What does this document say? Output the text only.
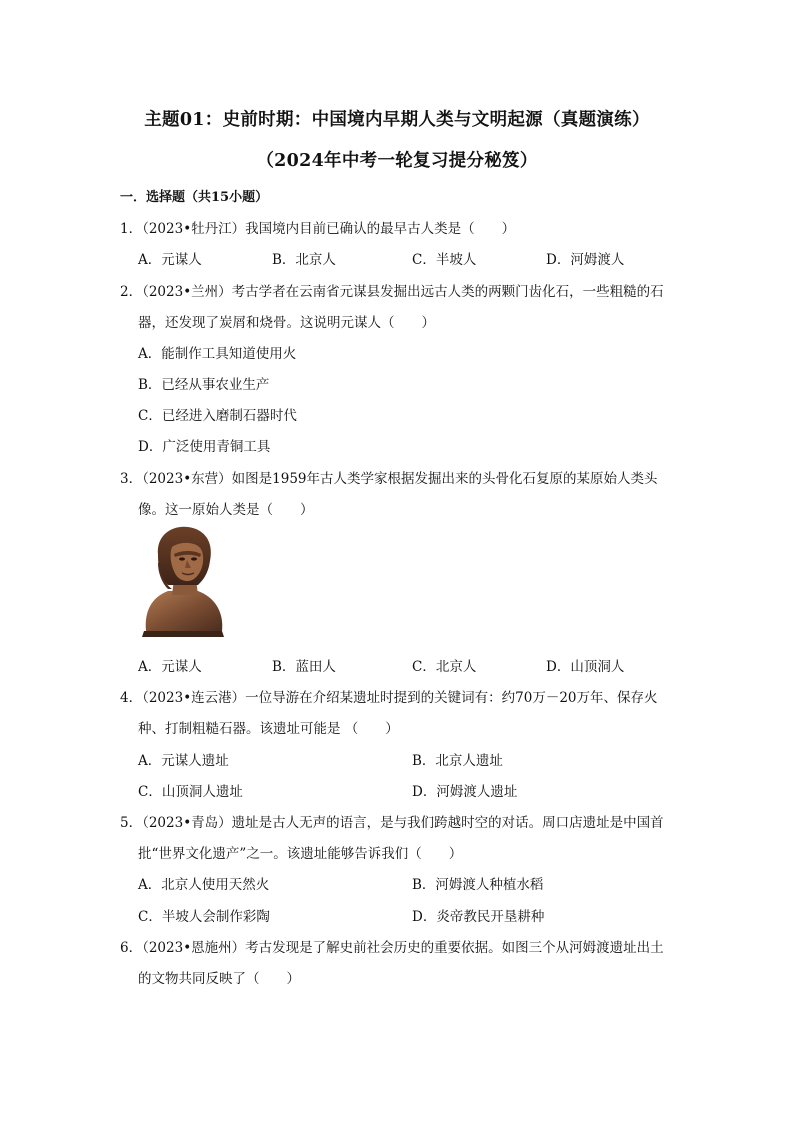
主题01：史前时期：中国境内早期人类与文明起源（真题演练）
（2024年中考一轮复习提分秘笈）
一．选择题（共15小题）
1．（2023•牡丹江）我国境内目前已确认的最早古人类是（　　）
A．元谋人	B．北京人	C．半坡人	D．河姆渡人
2．（2023•兰州）考古学者在云南省元谋县发掘出远古人类的两颗门齿化石，一些粗糙的石
器，还发现了炭屑和烧骨。这说明元谋人（　　）
A．能制作工具知道使用火
B．已经从事农业生产
C．已经进入磨制石器时代
D．广泛使用青铜工具
3．（2023•东营）如图是1959年古人类学家根据发掘出来的头骨化石复原的某原始人类头
像。这一原始人类是（　　）
A．元谋人	B．蓝田人	C．北京人	D．山顶洞人
4．（2023•连云港）一位导游在介绍某遗址时提到的关键词有：约70万－20万年、保存火
种、打制粗糙石器。该遗址可能是 （　　）
A．元谋人遗址	B．北京人遗址
C．山顶洞人遗址	D．河姆渡人遗址
5．（2023•青岛）遗址是古人无声的语言，是与我们跨越时空的对话。周口店遗址是中国首
批“世界文化遗产”之一。该遗址能够告诉我们（　　）
A．北京人使用天然火	B．河姆渡人种植水稻
C．半坡人会制作彩陶	D．炎帝教民开垦耕种
6．（2023•恩施州）考古发现是了解史前社会历史的重要依据。如图三个从河姆渡遗址出土
的文物共同反映了（　　）
